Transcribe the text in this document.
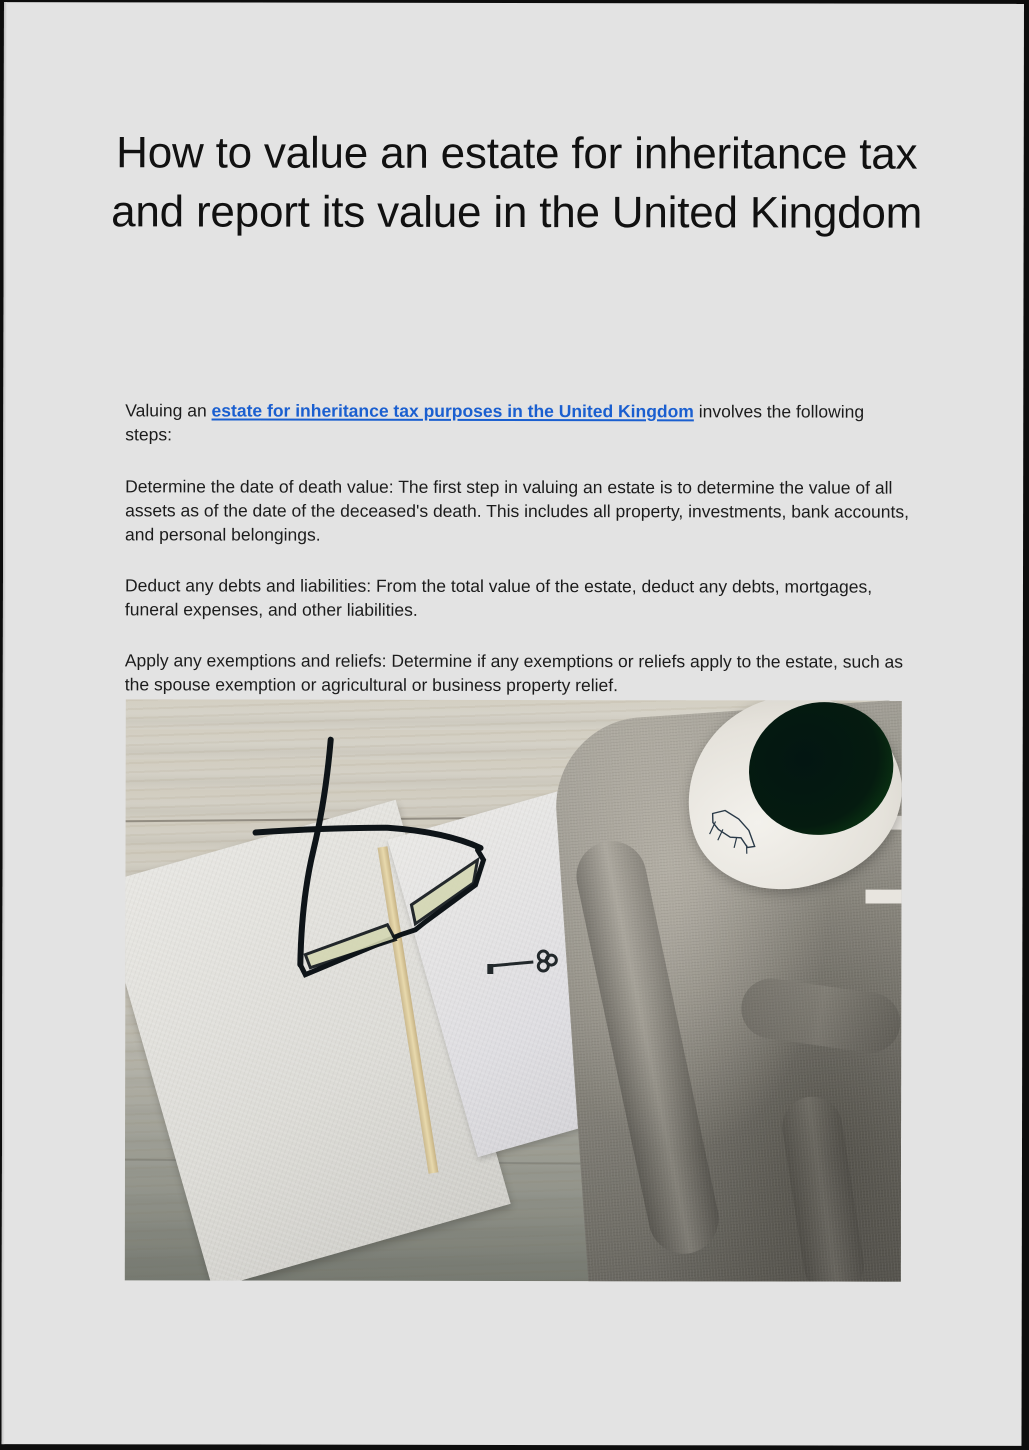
How to value an estate for inheritance tax and report its value in the United Kingdom

Valuing an estate for inheritance tax purposes in the United Kingdom involves the following steps:

Determine the date of death value: The first step in valuing an estate is to determine the value of all assets as of the date of the deceased's death. This includes all property, investments, bank accounts, and personal belongings.

Deduct any debts and liabilities: From the total value of the estate, deduct any debts, mortgages, funeral expenses, and other liabilities.

Apply any exemptions and reliefs: Determine if any exemptions or reliefs apply to the estate, such as the spouse exemption or agricultural or business property relief.
